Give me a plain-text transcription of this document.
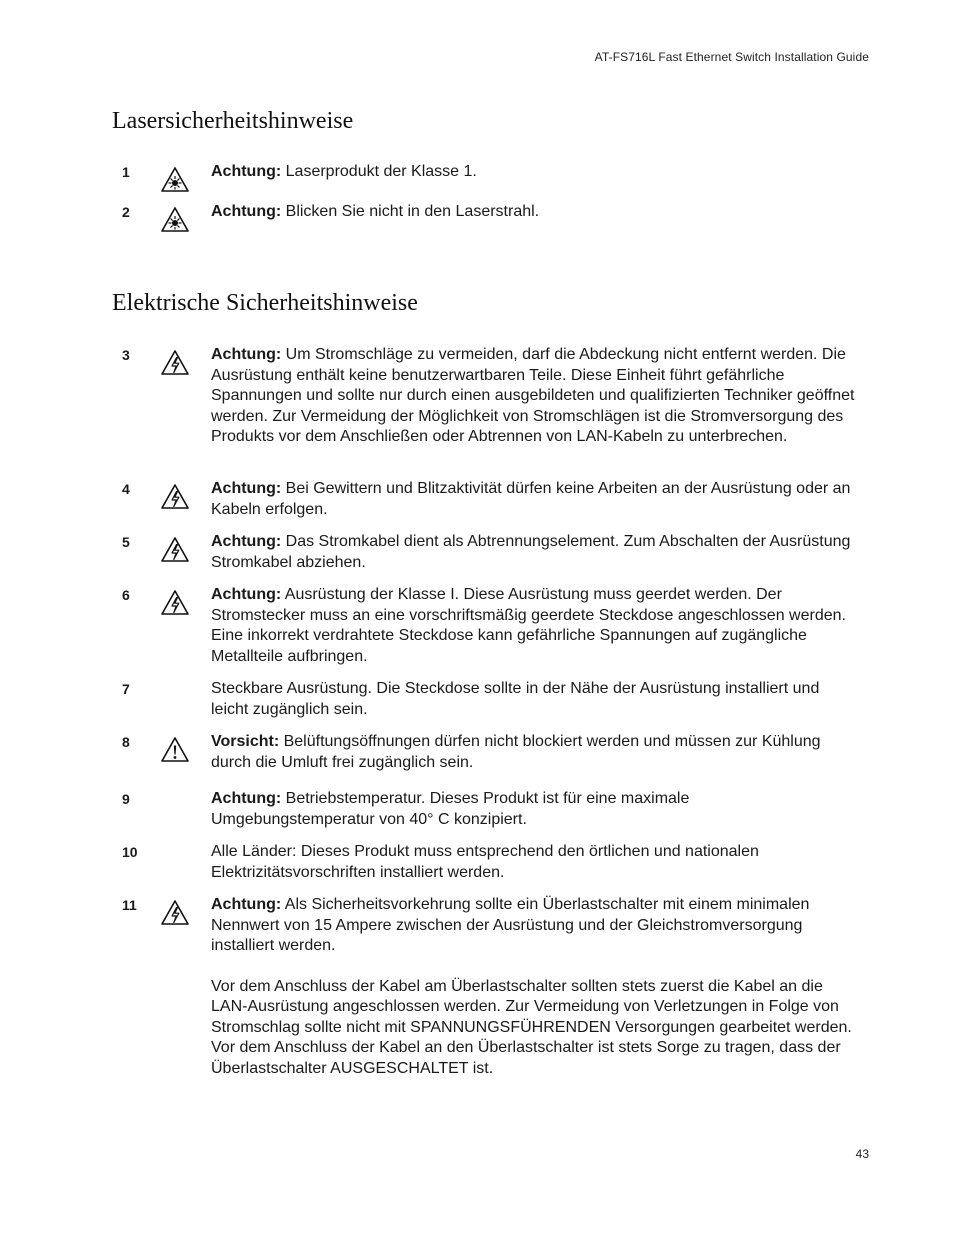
AT-FS716L Fast Ethernet Switch Installation Guide
Lasersicherheitshinweise
Elektrische Sicherheitshinweise
1	Achtung: Laserprodukt der Klasse 1.

2	Achtung: Blicken Sie nicht in den Laserstrahl.

3	Achtung: Um Stromschläge zu vermeiden, darf die Abdeckung nicht entfernt werden. Die Ausrüstung enthält keine benutzerwartbaren Teile. Diese Einheit führt gefährliche Spannungen und sollte nur durch einen ausgebildeten und qualifizierten Techniker geöffnet werden. Zur Vermeidung der Möglichkeit von Stromschlägen ist die Stromversorgung des Produkts vor dem Anschließen oder Abtrennen von LAN-Kabeln zu unterbrechen.

4	Achtung: Bei Gewittern und Blitzaktivität dürfen keine Arbeiten an der Ausrüstung oder an Kabeln erfolgen.

5	Achtung: Das Stromkabel dient als Abtrennungselement. Zum Abschalten der Ausrüstung Stromkabel abziehen.

6	Achtung: Ausrüstung der Klasse I. Diese Ausrüstung muss geerdet werden. Der Stromstecker muss an eine vorschriftsmäßig geerdete Steckdose angeschlossen werden. Eine inkorrekt verdrahtete Steckdose kann gefährliche Spannungen auf zugängliche Metallteile aufbringen.

7	Steckbare Ausrüstung. Die Steckdose sollte in der Nähe der Ausrüstung installiert und leicht zugänglich sein.

8	Vorsicht: Belüftungsöffnungen dürfen nicht blockiert werden und müssen zur Kühlung durch die Umluft frei zugänglich sein.

9	Achtung: Betriebstemperatur. Dieses Produkt ist für eine maximale Umgebungstemperatur von 40° C konzipiert.

10	Alle Länder: Dieses Produkt muss entsprechend den örtlichen und nationalen Elektrizitätsvorschriften installiert werden.

11	Achtung: Als Sicherheitsvorkehrung sollte ein Überlastschalter mit einem minimalen Nennwert von 15 Ampere zwischen der Ausrüstung und der Gleichstromversorgung installiert werden.

Vor dem Anschluss der Kabel am Überlastschalter sollten stets zuerst die Kabel an die LAN-Ausrüstung angeschlossen werden. Zur Vermeidung von Verletzungen in Folge von Stromschlag sollte nicht mit SPANNUNGSFÜHRENDEN Versorgungen gearbeitet werden. Vor dem Anschluss der Kabel an den Überlastschalter ist stets Sorge zu tragen, dass der Überlastschalter AUSGESCHALTET ist.

43
